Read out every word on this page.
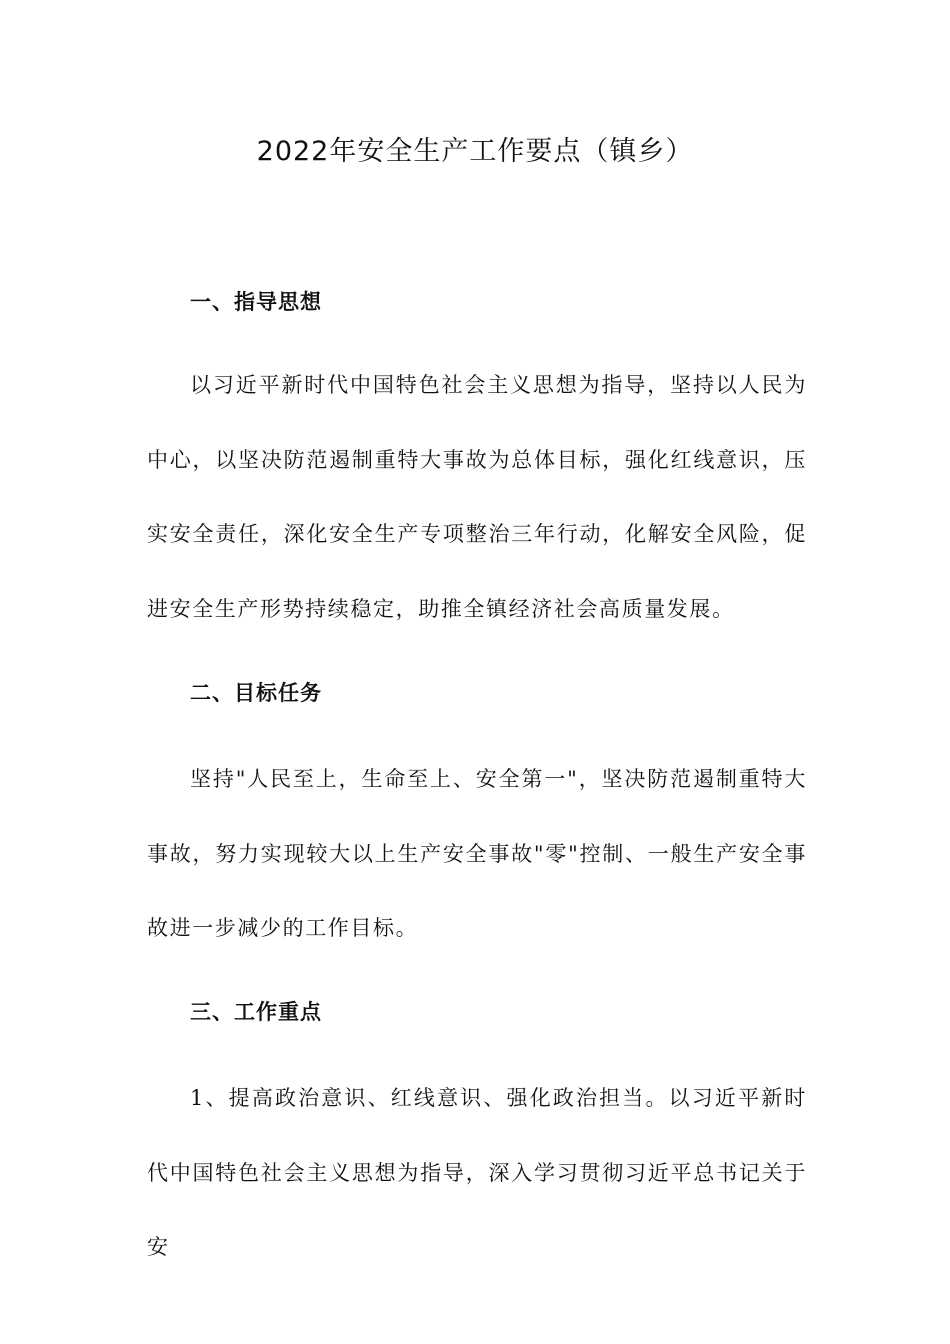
2022年安全生产工作要点（镇乡）
一、指导思想

以习近平新时代中国特色社会主义思想为指导，坚持以人民为中心，以坚决防范遏制重特大事故为总体目标，强化红线意识，压实安全责任，深化安全生产专项整治三年行动，化解安全风险，促进安全生产形势持续稳定，助推全镇经济社会高质量发展。

二、目标任务

坚持"人民至上，生命至上、安全第一"，坚决防范遏制重特大事故，努力实现较大以上生产安全事故"零"控制、一般生产安全事故进一步减少的工作目标。

三、工作重点

1、提高政治意识、红线意识、强化政治担当。以习近平新时代中国特色社会主义思想为指导，深入学习贯彻习近平总书记关于安
